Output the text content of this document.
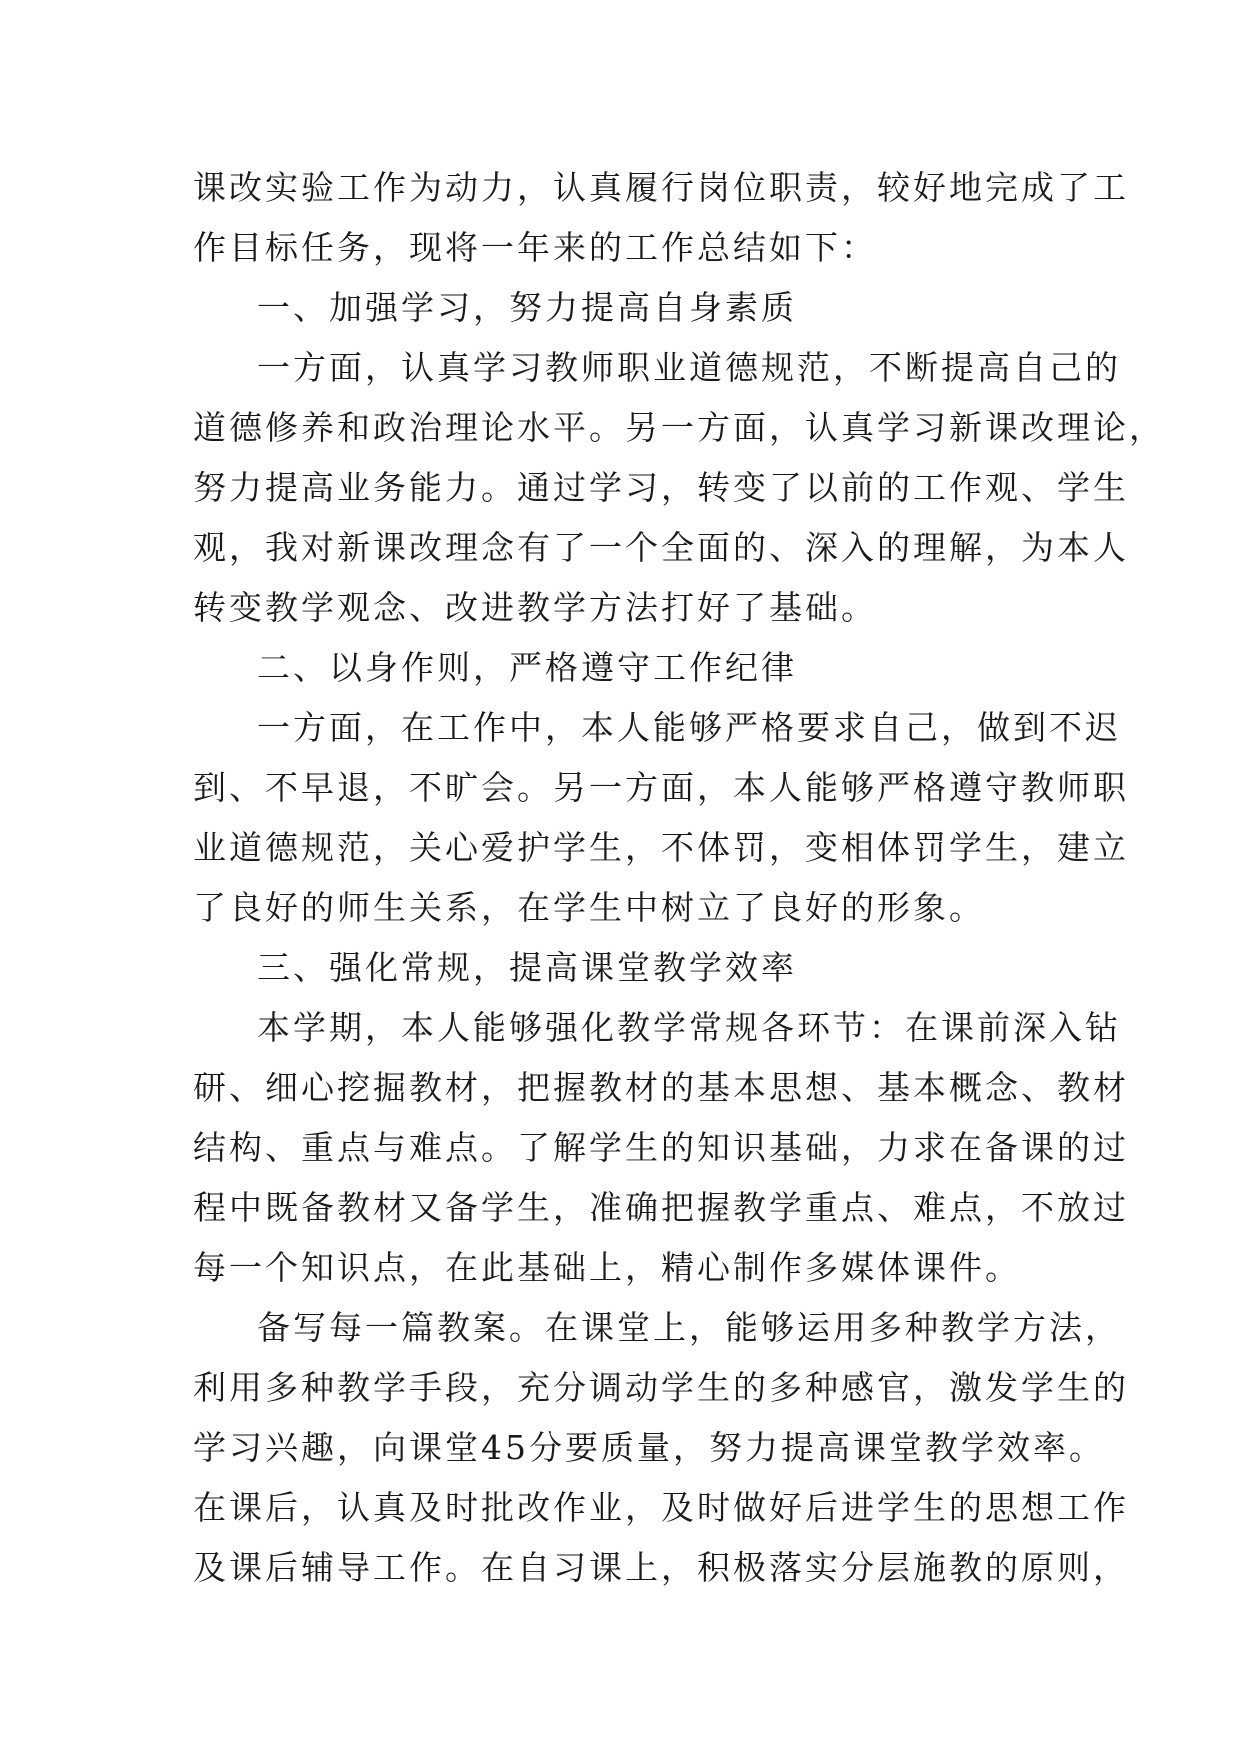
课改实验工作为动力，认真履行岗位职责，较好地完成了工
作目标任务，现将一年来的工作总结如下：
一、加强学习，努力提高自身素质
一方面，认真学习教师职业道德规范，不断提高自己的
道德修养和政治理论水平。另一方面，认真学习新课改理论，
努力提高业务能力。通过学习，转变了以前的工作观、学生
观，我对新课改理念有了一个全面的、深入的理解，为本人
转变教学观念、改进教学方法打好了基础。
二、以身作则，严格遵守工作纪律
一方面，在工作中，本人能够严格要求自己，做到不迟
到、不早退，不旷会。另一方面，本人能够严格遵守教师职
业道德规范，关心爱护学生，不体罚，变相体罚学生，建立
了良好的师生关系，在学生中树立了良好的形象。
三、强化常规，提高课堂教学效率
本学期，本人能够强化教学常规各环节：在课前深入钻
研、细心挖掘教材，把握教材的基本思想、基本概念、教材
结构、重点与难点。了解学生的知识基础，力求在备课的过
程中既备教材又备学生，准确把握教学重点、难点，不放过
每一个知识点，在此基础上，精心制作多媒体课件。
备写每一篇教案。在课堂上，能够运用多种教学方法，
利用多种教学手段，充分调动学生的多种感官，激发学生的
学习兴趣，向课堂45分要质量，努力提高课堂教学效率。
在课后，认真及时批改作业，及时做好后进学生的思想工作
及课后辅导工作。在自习课上，积极落实分层施教的原则，
